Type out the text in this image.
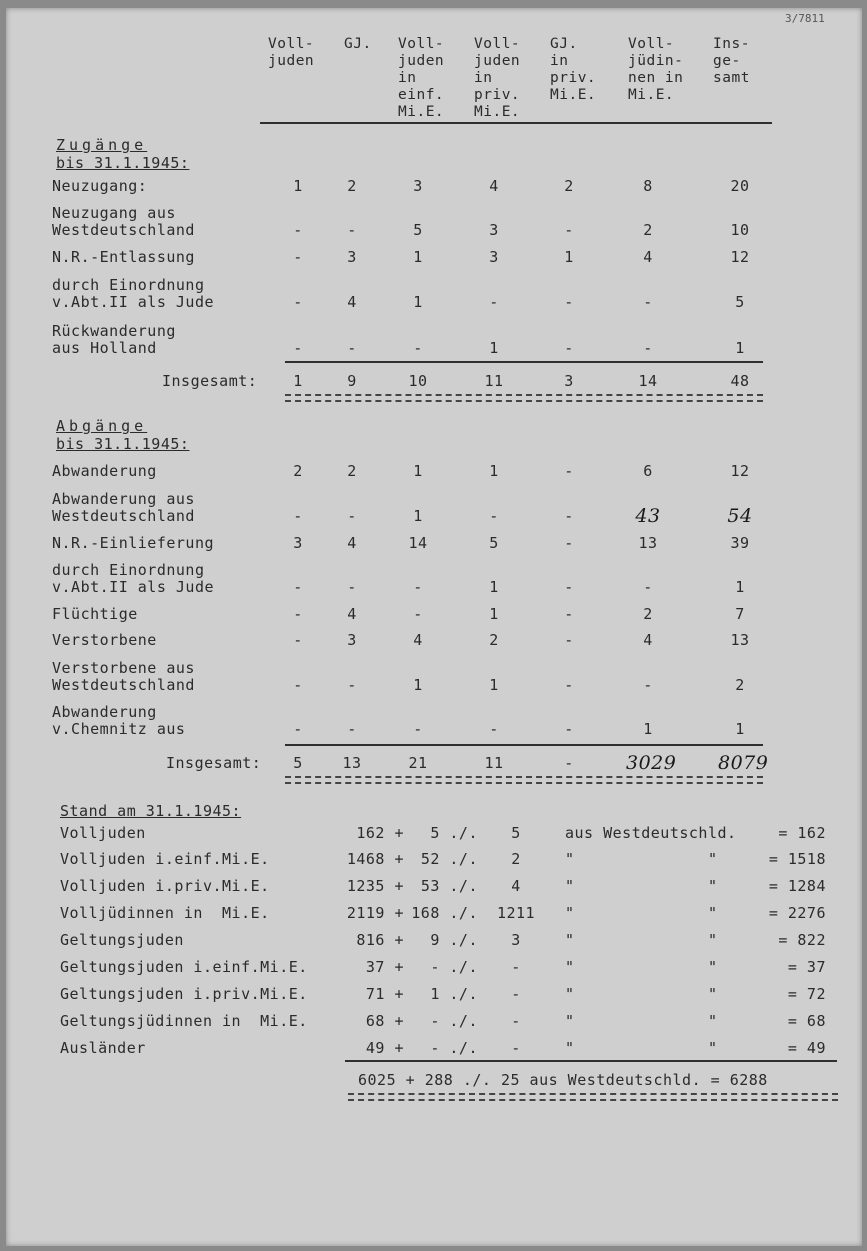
3/7811
Voll-
juden
GJ. Voll-
juden
in
einf.
Mi.E.
Voll-
juden
in
priv.
Mi.E.
GJ.
in
priv.
Mi.E.
Voll-
jüdin-
nen in
Mi.E.
Ins-
ge-
samt
Zugänge
bis 31.1.1945:
Neuzugang:	1	2	3	4	2	8	20
Neuzugang aus
Westdeutschland	-	-	5	3	-	2	10
N.R.-Entlassung	-	3	1	3	1	4	12
durch Einordnung
v.Abt.II als Jude	-	4	1	-	-	-	5
Rückwanderung
aus Holland	-	-	-	1	-	-	1
Insgesamt:	1	9	10	11	3	14	48
Abgänge
bis 31.1.1945:
Abwanderung	2	2	1	1	-	6	12
Abwanderung aus
Westdeutschland	-	-	1	-	-	43	54
N.R.-Einlieferung	3	4	14	5	-	13	39
durch Einordnung
v.Abt.II als Jude	-	-	-	1	-	-	1
Flüchtige	-	4	-	1	-	2	7
Verstorbene	-	3	4	2	-	4	13
Verstorbene aus
Westdeutschland	-	-	1	1	-	-	2
Abwanderung
v.Chemnitz aus	-	-	-	-	-	1	1
Insgesamt:	5	13	21	11	-	3029 8079
Stand am 31.1.1945:
Volljuden	162 +	5 ./.	5	aus Westdeutschld.	= 162
Volljuden i.einf.Mi.E.	1468 +	52 ./.	2	"              "	= 1518
Volljuden i.priv.Mi.E.	1235 +	53 ./.	4	"              "	= 1284
Volljüdinnen in  Mi.E.	2119 + 168 ./. 1211 "              "	= 2276
Geltungsjuden	816 +	9 ./.	3	"              "	= 822
Geltungsjuden i.einf.Mi.E.	37 +	- ./.	-	"              "	= 37
Geltungsjuden i.priv.Mi.E.	71 +	1 ./.	-	"              "	= 72
Geltungsjüdinnen in  Mi.E.	68 +	- ./.	-	"              "	= 68
Ausländer	49 +	- ./.	-	"              "	= 49
6025 + 288 ./. 25 aus Westdeutschld. = 6288
